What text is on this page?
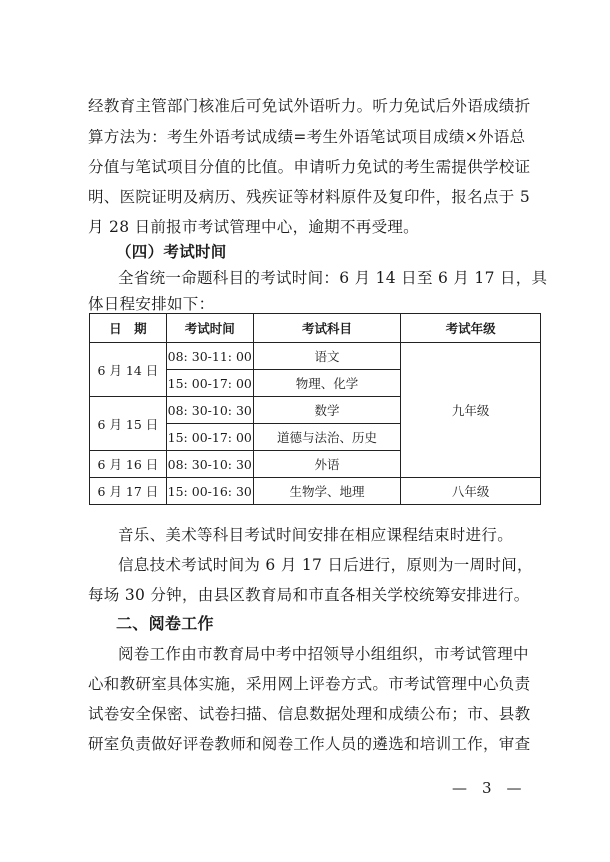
经教育主管部门核准后可免试外语听力。听力免试后外语成绩折
算方法为：考生外语考试成绩=考生外语笔试项目成绩×外语总
分值与笔试项目分值的比值。申请听力免试的考生需提供学校证
明、医院证明及病历、残疾证等材料原件及复印件，报名点于 5
月 28 日前报市考试管理中心，逾期不再受理。
（四）考试时间
全省统一命题科目的考试时间：6 月 14 日至 6 月 17 日，具
体日程安排如下：
日　期	考试时间	考试科目	考试年级
6 月 14 日	08: 30-11: 00	语文	九年级
	15: 00-17: 00	物理、化学	
6 月 15 日	08: 30-10: 30	数学	
	15: 00-17: 00	道德与法治、历史	
6 月 16 日	08: 30-10: 30	外语	
6 月 17 日	15: 00-16: 30	生物学、地理	八年级
音乐、美术等科目考试时间安排在相应课程结束时进行。
信息技术考试时间为 6 月 17 日后进行，原则为一周时间，
每场 30 分钟，由县区教育局和市直各相关学校统筹安排进行。
二、阅卷工作
阅卷工作由市教育局中考中招领导小组组织，市考试管理中
心和教研室具体实施，采用网上评卷方式。市考试管理中心负责
试卷安全保密、试卷扫描、信息数据处理和成绩公布；市、县教
研室负责做好评卷教师和阅卷工作人员的遴选和培训工作，审查
—　3　—
